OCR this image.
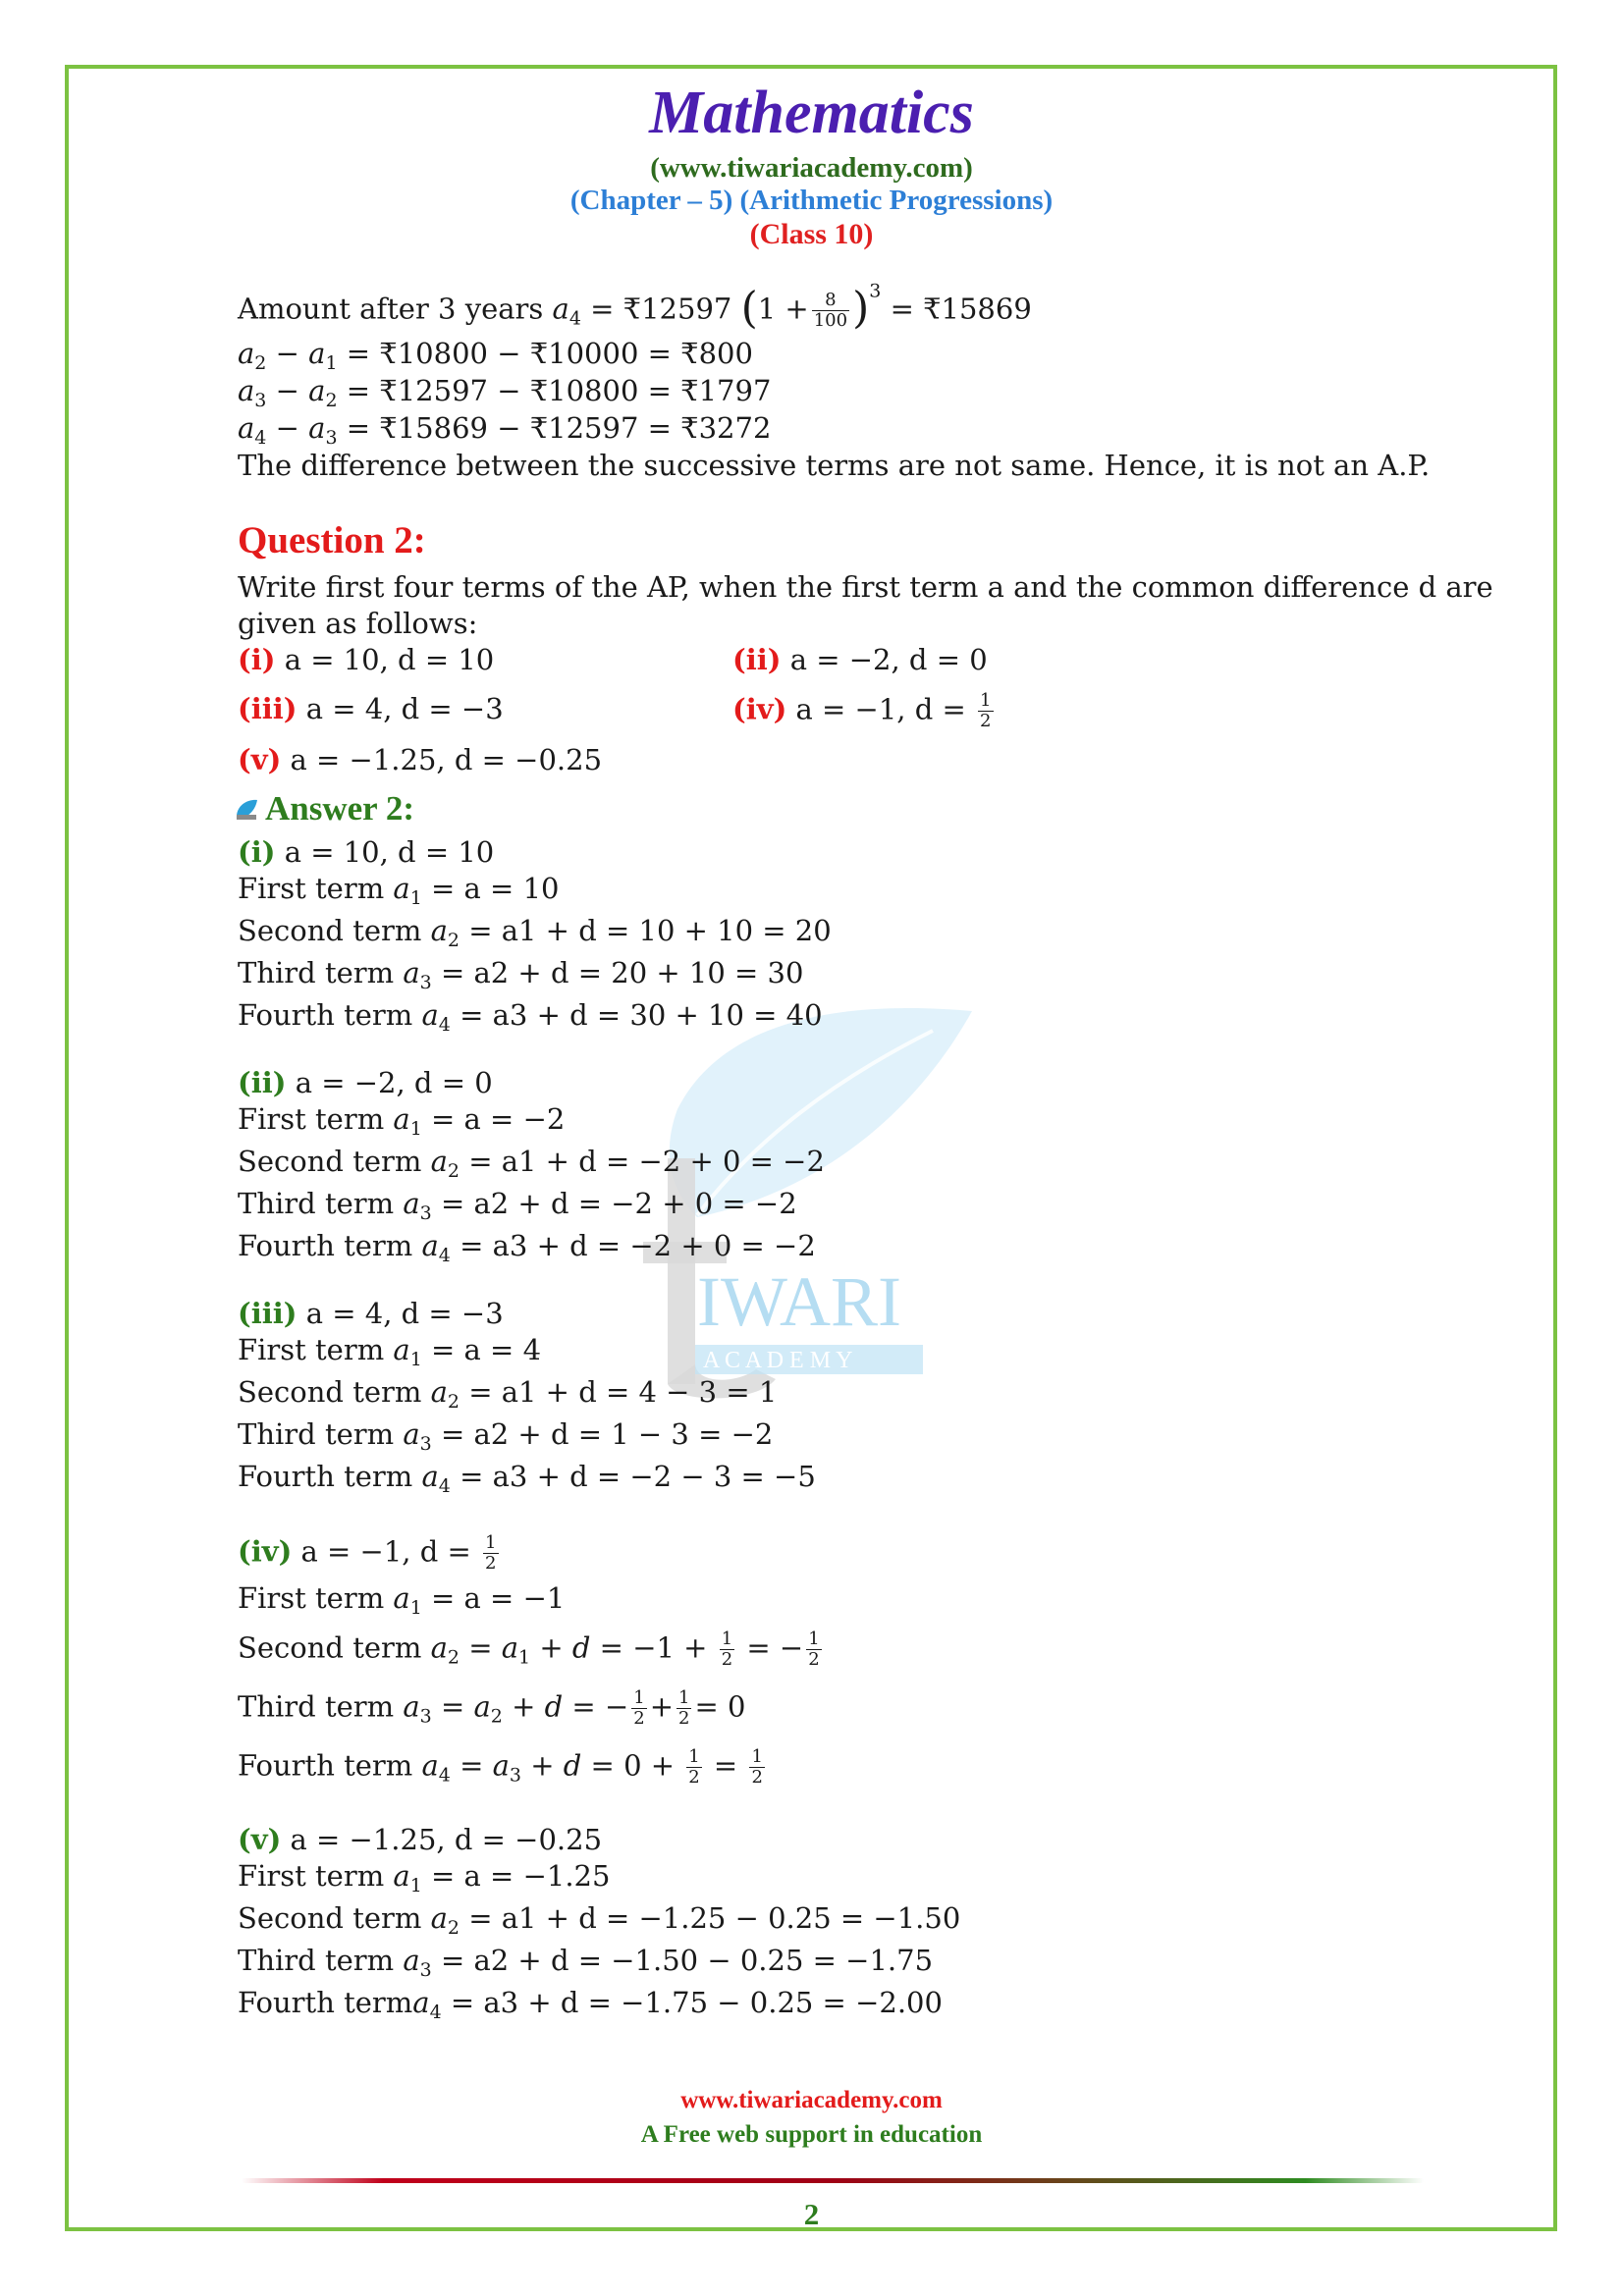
Mathematics
(www.tiwariacademy.com)
(Chapter – 5) (Arithmetic Progressions)
(Class 10)
IWARI
A C A D E M Y
Amount after 3 years $a_4$ = ₹12597 $(1 + \frac{8}{100} )^3$ = ₹15869
$a_2 - a_1$ = ₹10800 − ₹10000 = ₹800
$a_3 - a_2$ = ₹12597 − ₹10800 = ₹1797
$a_4 - a_3$ = ₹15869 − ₹12597 = ₹3272
The difference between the successive terms are not same. Hence, it is not an A.P.
Question 2:
Write first four terms of the AP, when the first term a and the common difference d are
given as follows:
(i) a = 10, d = 10	(ii) a = −2, d = 0
(iii) a = 4, d = −3	(iv) a = −1, $d = \frac{1}{2}$
(v) a = −1.25, d = −0.25
Answer 2:
(i) a = 10, d = 10
First term $a_1 = a = 10$
Second term $a_2 = a1 + d = 10 + 10 = 20$
Third term $a_3 = a2 + d = 20 + 10 = 30$
Fourth term $a_4 = a3 + d = 30 + 10 = 40$
(ii) a = −2, d = 0
First term $a_1 = a = -2$
Second term $a_2 = a1 + d = -2 + 0 = -2$
Third term $a_3 = a2 + d = -2 + 0 = -2$
Fourth term $a_4 = a3 + d = -2 + 0 = -2$
(iii) a = 4, d = −3
First term $a_1 = a = 4$
Second term $a_2 = a1 + d = 4 - 3 = 1$
Third term $a_3 = a2 + d = 1 - 3 = -2$
Fourth term $a_4 = a3 + d = -2 - 3 = -5$
(iv) a = −1, $d = \frac{1}{2}$
First term $a_1 = a = -1$
Second term $a_2 = a_1 + d = -1 + \frac{1}{2}$ = − $\frac{1}{2}$
Third term $a_3 = a_2 + d$ = − $\frac{1}{2} + \frac{1}{2} = 0$
Fourth term $a_4 = a_3 + d = 0 + \frac{1}{2} = \frac{1}{2}$
(v) a = −1.25, d = −0.25
First term $a_1 = a = -1.25$
Second term $a_2 = a1 + d = -1.25 - 0.25 = -1.50$
Third term $a_3 = a2 + d = -1.50 - 0.25 = -1.75$
Fourth terma$_4$ = a3 + d = −1.75 − 0.25 = −2.00
www.tiwariacademy.com
A Free web support in education
2
